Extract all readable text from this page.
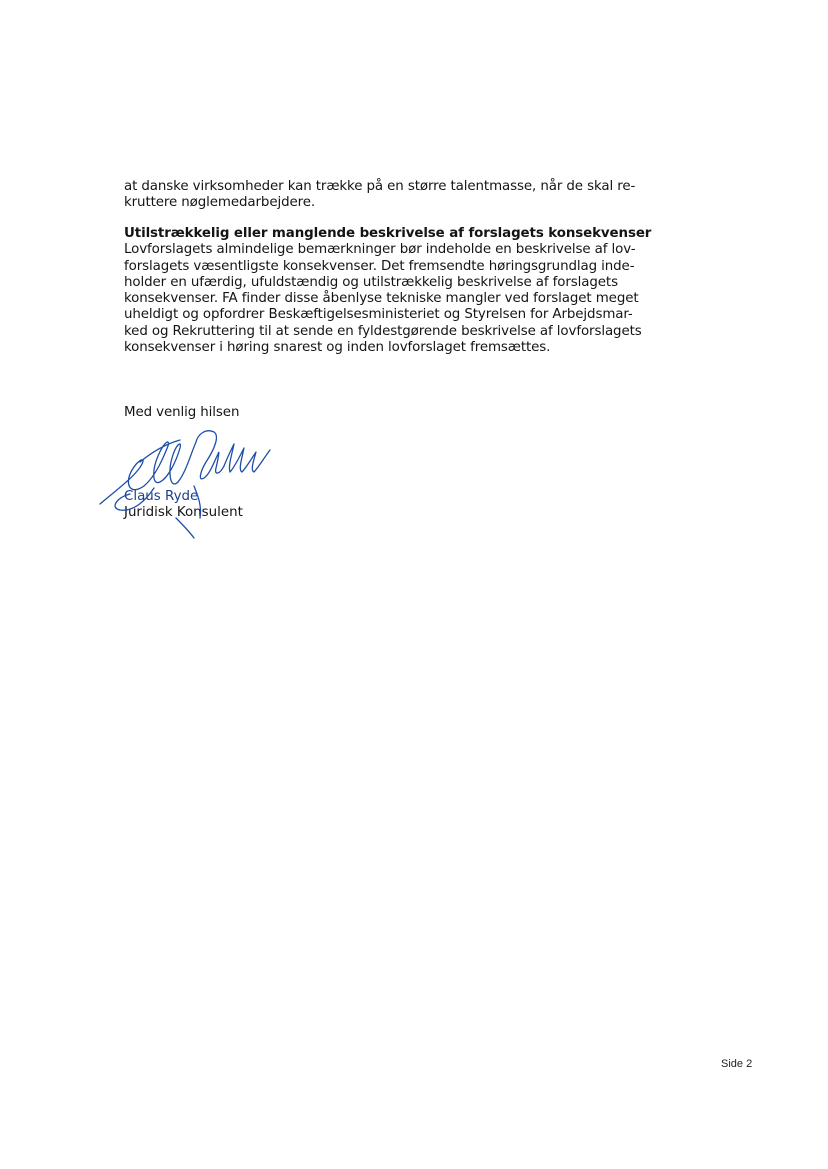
at danske virksomheder kan trække på en større talentmasse, når de skal re-
kruttere nøglemedarbejdere.
Utilstrækkelig eller manglende beskrivelse af forslagets konsekvenser
Lovforslagets almindelige bemærkninger bør indeholde en beskrivelse af lov-
forslagets væsentligste konsekvenser. Det fremsendte høringsgrundlag inde-
holder en ufærdig, ufuldstændig og utilstrækkelig beskrivelse af forslagets
konsekvenser. FA finder disse åbenlyse tekniske mangler ved forslaget meget
uheldigt og opfordrer Beskæftigelsesministeriet og Styrelsen for Arbejdsmar-
ked og Rekruttering til at sende en fyldestgørende beskrivelse af lovforslagets
konsekvenser i høring snarest og inden lovforslaget fremsættes.
Med venlig hilsen
Claus Ryde
Juridisk Konsulent
Side 2
